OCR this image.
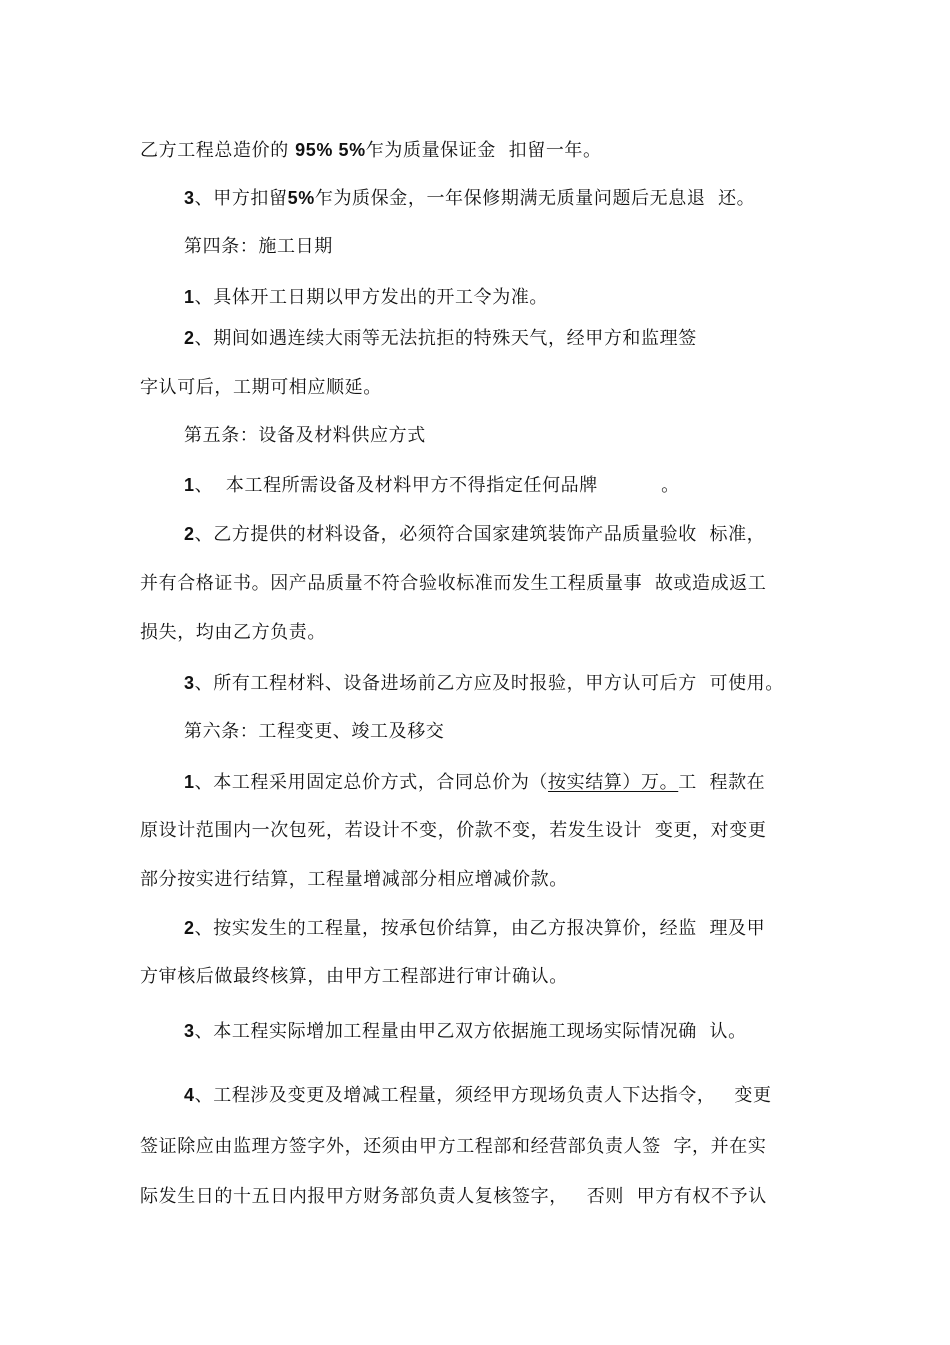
乙方工程总造价的 95% 5%乍为质量保证金  扣留一年。
3、甲方扣留5%乍为质保金，一年保修期满无质量问题后无息退  还。
第四条：施工日期
1、具体开工日期以甲方发出的开工令为准。
2、期间如遇连续大雨等无法抗拒的特殊天气，经甲方和监理签
字认可后，工期可相应顺延。
第五条：设备及材料供应方式
1、  本工程所需设备及材料甲方不得指定任何品牌          。
2、乙方提供的材料设备，必须符合国家建筑装饰产品质量验收  标准，
并有合格证书。因产品质量不符合验收标准而发生工程质量事  故或造成返工
损失，均由乙方负责。
3、所有工程材料、设备进场前乙方应及时报验，甲方认可后方  可使用。
第六条：工程变更、竣工及移交
1、本工程采用固定总价方式，合同总价为（按实结算）万。工  程款在
原设计范围内一次包死，若设计不变，价款不变，若发生设计  变更，对变更
部分按实进行结算，工程量增减部分相应增减价款。
2、按实发生的工程量，按承包价结算，由乙方报决算价，经监  理及甲
方审核后做最终核算，由甲方工程部进行审计确认。
3、本工程实际增加工程量由甲乙双方依据施工现场实际情况确  认。
4、工程涉及变更及增减工程量，须经甲方现场负责人下达指令，   变更
签证除应由监理方签字外，还须由甲方工程部和经营部负责人签  字，并在实
际发生日的十五日内报甲方财务部负责人复核签字，   否则  甲方有权不予认
